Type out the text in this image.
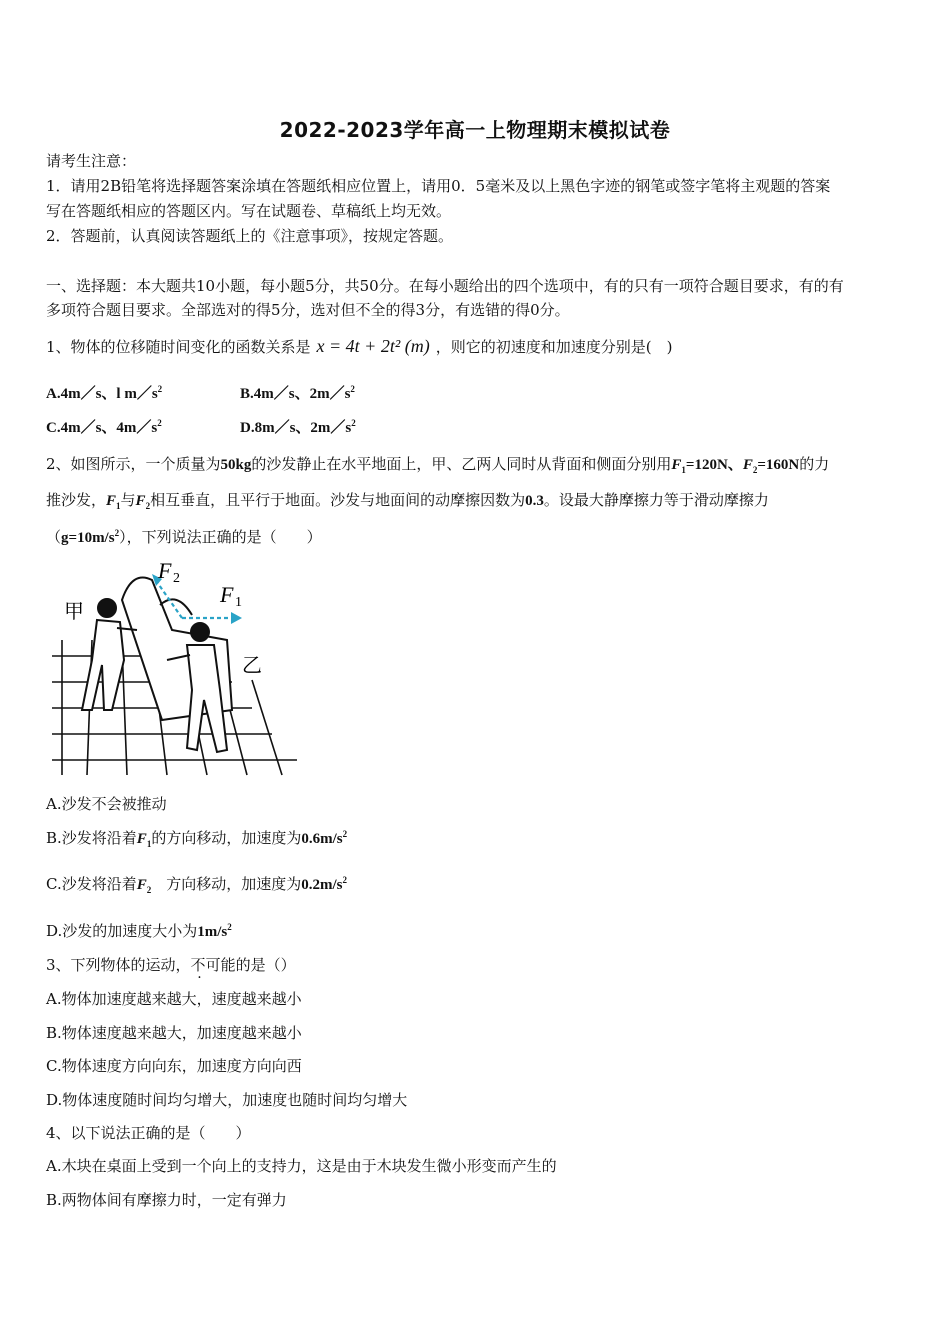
2022-2023学年高一上物理期末模拟试卷
请考生注意：
1．请用2B铅笔将选择题答案涂填在答题纸相应位置上，请用0．5毫米及以上黑色字迹的钢笔或签字笔将主观题的答案
写在答题纸相应的答题区内。写在试题卷、草稿纸上均无效。
2．答题前，认真阅读答题纸上的《注意事项》，按规定答题。
一、选择题：本大题共10小题，每小题5分，共50分。在每小题给出的四个选项中，有的只有一项符合题目要求，有的有
多项符合题目要求。全部选对的得5分，选对但不全的得3分，有选错的得0分。
1、物体的位移随时间变化的函数关系是 x = 4t + 2t² (m) ，则它的初速度和加速度分别是(　)
A.4m／s、l $m/s^2$	B.4m／s、$2m/s^2$
C.4m／s、$4m/s^2$	D.8m／s、$2m/s^2$
2、如图所示，一个质量为50kg的沙发静止在水平地面上，甲、乙两人同时从背面和侧面分别用$F_1=120N$、$F_2=160N$的力
推沙发，$F_1$与$F_2$相互垂直，且平行于地面。沙发与地面间的动摩擦因数为0.3。设最大静摩擦力等于滑动摩擦力
$(g=10m/s^2)$，下列说法正确的是（　　）
F 2
F 1
甲
乙
A.沙发不会被推动
B.沙发将沿着$F_1$的方向移动，加速度为$0.6m/s^2$
C.沙发将沿着$F_2$　方向移动，加速度为$0.2m/s^2$
D.沙发的加速度大小为$1m/s^2$
3、下列物体的运动，不可能的是（）
A.物体加速度越来越大，速度越来越小
B.物体速度越来越大，加速度越来越小
C.物体速度方向向东，加速度方向向西
D.物体速度随时间均匀增大，加速度也随时间均匀增大
4、以下说法正确的是（　　）
A.木块在桌面上受到一个向上的支持力，这是由于木块发生微小形变而产生的
B.两物体间有摩擦力时，一定有弹力
